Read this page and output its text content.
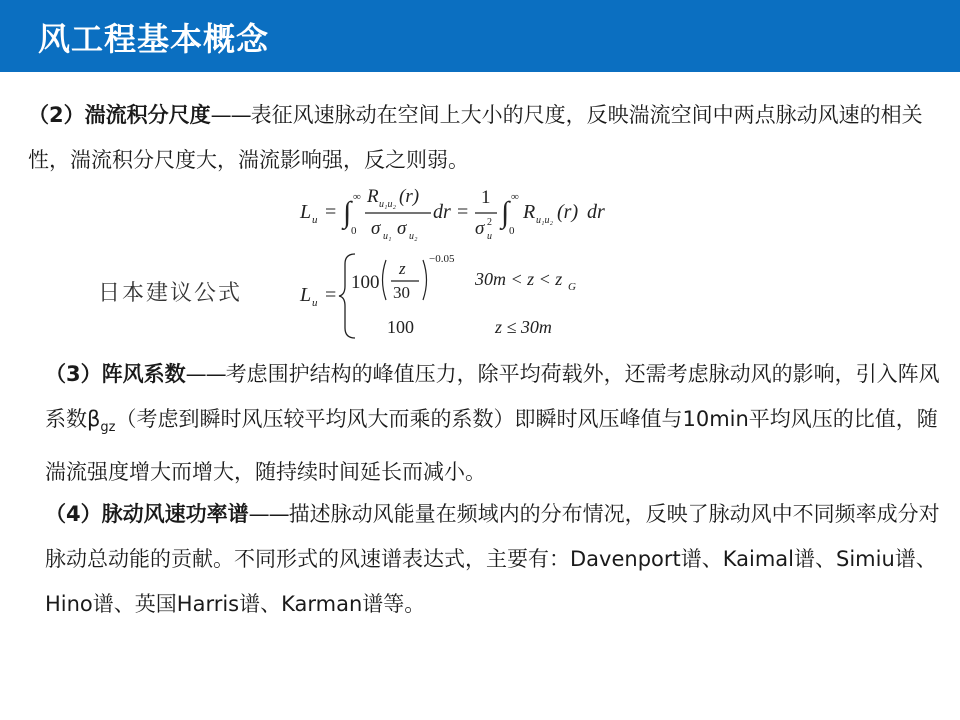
风工程基本概念

（2）湍流积分尺度——表征风速脉动在空间上大小的尺度，反映湍流空间中两点脉动风速的相关性，湍流积分尺度大，湍流影响强，反之则弱。

L u = ∫ ∞
0
R u₁u₂ (r)
σ u₁ σ u₂
dr =
1
σ 2
u
∫ ∞
0
R u₁u₂ (r) dr
日本建议公式	L u =
100
z
30
−0.05
30m < z < z G
100	z ≤ 30m

（3）阵风系数——考虑围护结构的峰值压力，除平均荷载外，还需考虑脉动风的影响，引入阵风系数$\beta_{gz}$（考虑到瞬时风压较平均风大而乘的系数）即瞬时风压峰值与10min平均风压的比值，随湍流强度增大而增大，随持续时间延长而减小。

（4）脉动风速功率谱——描述脉动风能量在频域内的分布情况，反映了脉动风中不同频率成分对脉动总动能的贡献。不同形式的风速谱表达式，主要有：Davenport谱、Kaimal谱、Simiu谱、Hino谱、英国Harris谱、Karman谱等。
